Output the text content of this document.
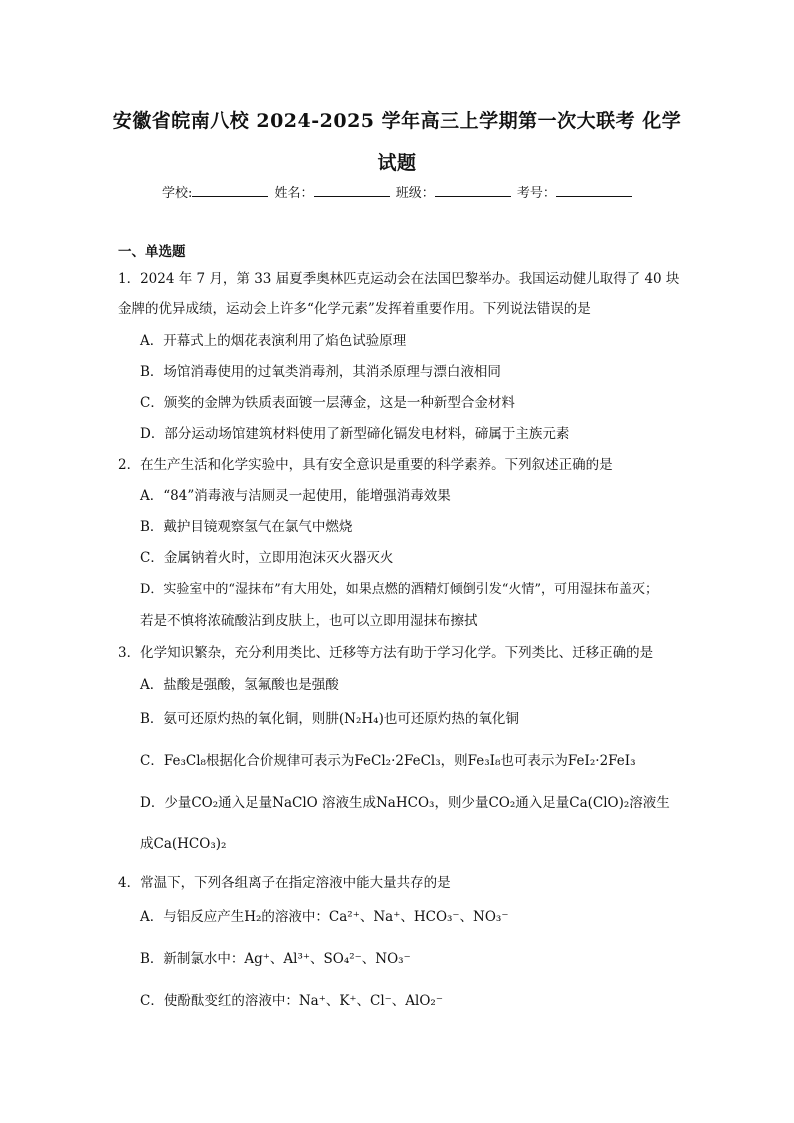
安徽省皖南八校 2024-2025 学年高三上学期第一次大联考 化学
试题
学校:	姓名：	班级：	考号：
一、单选题
1．2024 年 7 月，第 33 届夏季奥林匹克运动会在法国巴黎举办。我国运动健儿取得了 40 块
金牌的优异成绩，运动会上许多“化学元素”发挥着重要作用。下列说法错误的是
A．开幕式上的烟花表演利用了焰色试验原理
B．场馆消毒使用的过氧类消毒剂，其消杀原理与漂白液相同
C．颁奖的金牌为铁质表面镀一层薄金，这是一种新型合金材料
D．部分运动场馆建筑材料使用了新型碲化镉发电材料，碲属于主族元素
2．在生产生活和化学实验中，具有安全意识是重要的科学素养。下列叙述正确的是
A．“84”消毒液与洁厕灵一起使用，能增强消毒效果
B．戴护目镜观察氢气在氯气中燃烧
C．金属钠着火时，立即用泡沫灭火器灭火
D．实验室中的“湿抹布”有大用处，如果点燃的酒精灯倾倒引发“火情”，可用湿抹布盖灭；
若是不慎将浓硫酸沾到皮肤上，也可以立即用湿抹布擦拭
3．化学知识繁杂，充分利用类比、迁移等方法有助于学习化学。下列类比、迁移正确的是
A．盐酸是强酸，氢氟酸也是强酸
B．氨可还原灼热的氧化铜，则肼(N₂H₄)也可还原灼热的氧化铜
C．Fe₃Cl₈根据化合价规律可表示为FeCl₂·2FeCl₃，则Fe₃I₈也可表示为FeI₂·2FeI₃
D．少量CO₂通入足量NaClO 溶液生成NaHCO₃，则少量CO₂通入足量Ca(ClO)₂溶液生
成Ca(HCO₃)₂
4．常温下，下列各组离子在指定溶液中能大量共存的是
A．与铝反应产生H₂的溶液中：Ca²⁺、Na⁺、HCO₃⁻、NO₃⁻
B．新制氯水中：Ag⁺、Al³⁺、SO₄²⁻、NO₃⁻
C．使酚酞变红的溶液中：Na⁺、K⁺、Cl⁻、AlO₂⁻
